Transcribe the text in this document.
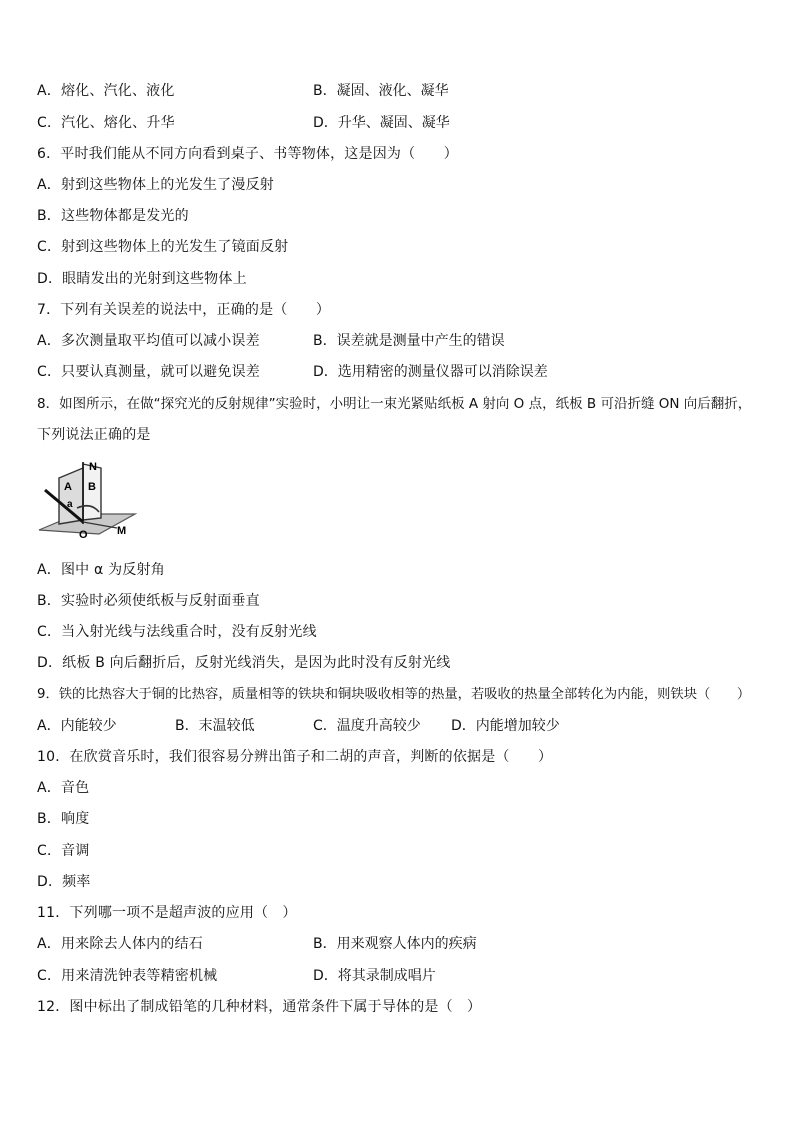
A．熔化、汽化、液化	B．凝固、液化、凝华
C．汽化、熔化、升华	D．升华、凝固、凝华
6．平时我们能从不同方向看到桌子、书等物体，这是因为（　　）
A．射到这些物体上的光发生了漫反射
B．这些物体都是发光的
C．射到这些物体上的光发生了镜面反射
D．眼睛发出的光射到这些物体上
7．下列有关误差的说法中，正确的是（　　）
A．多次测量取平均值可以减小误差	B．误差就是测量中产生的错误
C．只要认真测量，就可以避免误差	D．选用精密的测量仪器可以消除误差
8．如图所示，在做“探究光的反射规律”实验时，小明让一束光紧贴纸板 A 射向 O 点，纸板 B 可沿折缝 ON 向后翻折，
下列说法正确的是
N
A B
a
O	M
A．图中 α 为反射角
B．实验时必须使纸板与反射面垂直
C．当入射光线与法线重合时，没有反射光线
D．纸板 B 向后翻折后，反射光线消失，是因为此时没有反射光线
9．铁的比热容大于铜的比热容，质量相等的铁块和铜块吸收相等的热量，若吸收的热量全部转化为内能，则铁块（　　）
A．内能较少	B．末温较低	C．温度升高较少 D．内能增加较少
10．在欣赏音乐时，我们很容易分辨出笛子和二胡的声音，判断的依据是（　　）
A．音色
B．响度
C．音调
D．频率
11．下列哪一项不是超声波的应用（　）
A．用来除去人体内的结石	B．用来观察人体内的疾病
C．用来清洗钟表等精密机械	D．将其录制成唱片
12．图中标出了制成铅笔的几种材料，通常条件下属于导体的是（　）
